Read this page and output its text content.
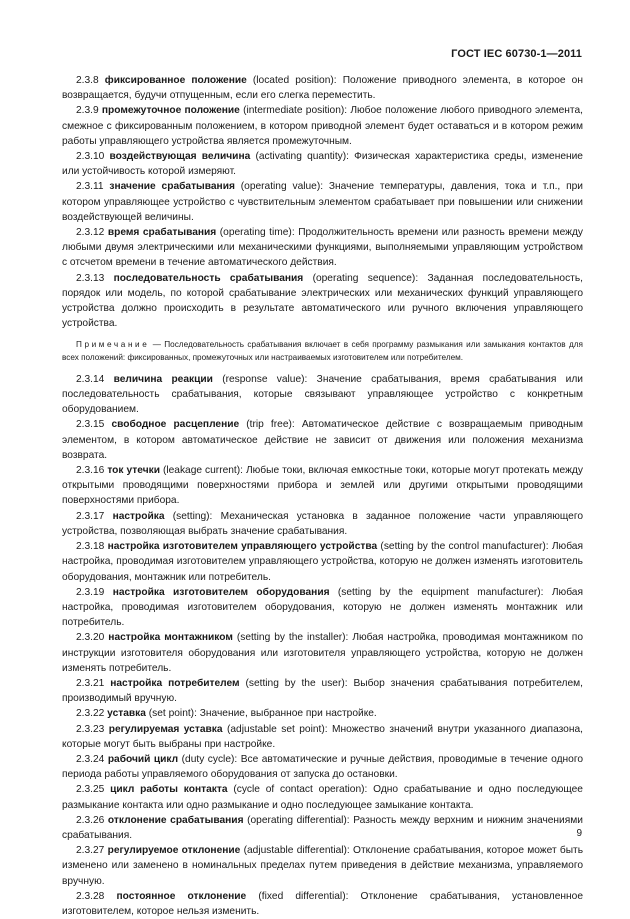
ГОСТ IEC 60730-1—2011

2.3.8 фиксированное положение (located position): Положение приводного элемента, в которое он возвращается, будучи отпущенным, если его слегка переместить.

2.3.9 промежуточное положение (intermediate position): Любое положение любого приводного элемента, смежное с фиксированным положением, в котором приводной элемент будет оставаться и в котором режим работы управляющего устройства является промежуточным.

2.3.10 воздействующая величина (activating quantity): Физическая характеристика среды, изменение или устойчивость которой измеряют.

2.3.11 значение срабатывания (operating value): Значение температуры, давления, тока и т.п., при котором управляющее устройство с чувствительным элементом срабатывает при повышении или снижении воздействующей величины.

2.3.12 время срабатывания (operating time): Продолжительность времени или разность времени между любыми двумя электрическими или механическими функциями, выполняемыми управляющим устройством с отсчетом времени в течение автоматического действия.

2.3.13 последовательность срабатывания (operating sequence): Заданная последовательность, порядок или модель, по которой срабатывание электрических или механических функций управляющего устройства должно происходить в результате автоматического или ручного включения управляющего устройства.

Примечание — Последовательность срабатывания включает в себя программу размыкания или замыкания контактов для всех положений: фиксированных, промежуточных или настраиваемых изготовителем или потребителем.

2.3.14 величина реакции (response value): Значение срабатывания, время срабатывания или последовательность срабатывания, которые связывают управляющее устройство с конкретным оборудованием.

2.3.15 свободное расцепление (trip free): Автоматическое действие с возвращаемым приводным элементом, в котором автоматическое действие не зависит от движения или положения механизма возврата.

2.3.16 ток утечки (leakage current): Любые токи, включая емкостные токи, которые могут протекать между открытыми проводящими поверхностями прибора и землей или другими открытыми проводящими поверхностями прибора.

2.3.17 настройка (setting): Механическая установка в заданное положение части управляющего устройства, позволяющая выбрать значение срабатывания.

2.3.18 настройка изготовителем управляющего устройства (setting by the control manufacturer): Любая настройка, проводимая изготовителем управляющего устройства, которую не должен изменять изготовитель оборудования, монтажник или потребитель.

2.3.19 настройка изготовителем оборудования (setting by the equipment manufacturer): Любая настройка, проводимая изготовителем оборудования, которую не должен изменять монтажник или потребитель.

2.3.20 настройка монтажником (setting by the installer): Любая настройка, проводимая монтажником по инструкции изготовителя оборудования или изготовителя управляющего устройства, которую не должен изменять потребитель.

2.3.21 настройка потребителем (setting by the user): Выбор значения срабатывания потребителем, производимый вручную.

2.3.22 уставка (set point): Значение, выбранное при настройке.

2.3.23 регулируемая уставка (adjustable set point): Множество значений внутри указанного диапазона, которые могут быть выбраны при настройке.

2.3.24 рабочий цикл (duty cycle): Все автоматические и ручные действия, проводимые в течение одного периода работы управляемого оборудования от запуска до остановки.

2.3.25 цикл работы контакта (cycle of contact operation): Одно срабатывание и одно последующее размыкание контакта или одно размыкание и одно последующее замыкание контакта.

2.3.26 отклонение срабатывания (operating differential): Разность между верхним и нижним значениями срабатывания.

2.3.27 регулируемое отклонение (adjustable differential): Отклонение срабатывания, которое может быть изменено или заменено в номинальных пределах путем приведения в действие механизма, управляемого вручную.

2.3.28 постоянное отклонение (fixed differential): Отклонение срабатывания, установленное изготовителем, которое нельзя изменить.

9
